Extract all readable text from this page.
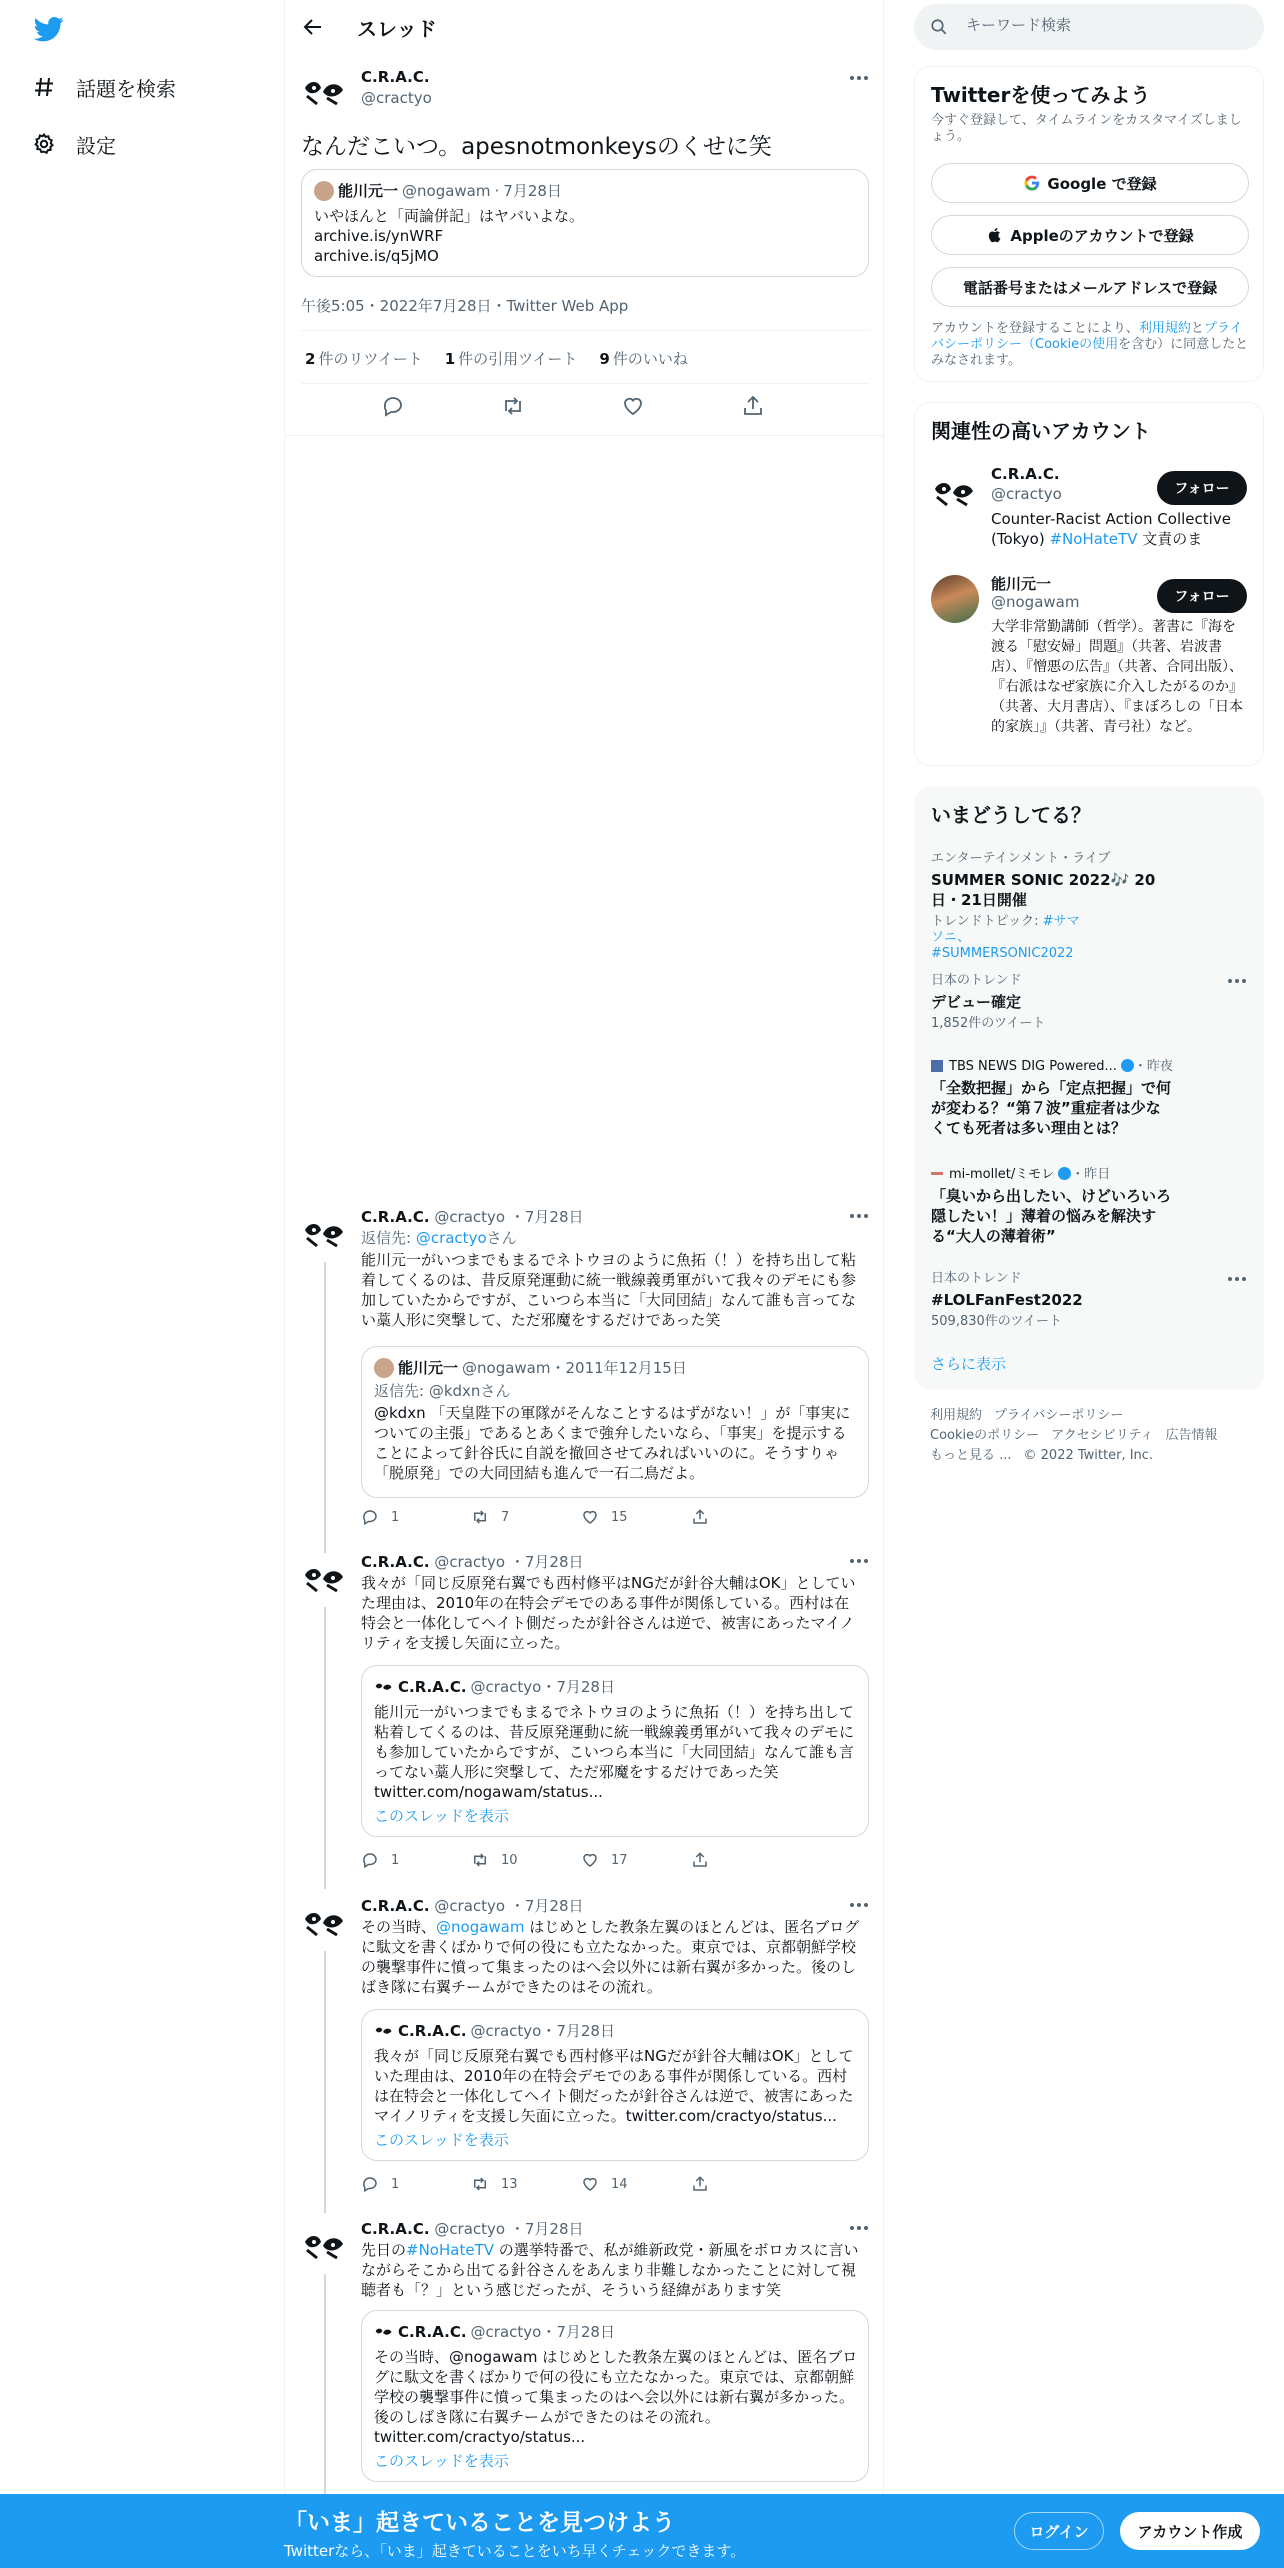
話題を検索
設定
スレッド
C.R.A.C.
@cractyo
なんだこいつ。apesnotmonkeysのくせに笑
能川元一 @nogawam · 7月28日
いやほんと「両論併記」はヤバいよな。
archive.is/ynWRF
archive.is/q5jMO
午後5:05・2022年7月28日・Twitter Web App
2 件のリツイート 1 件の引用ツイート 9 件のいいね
C.R.A.C. @cractyo ・7月28日
返信先: @cractyoさん
能川元一がいつまでもまるでネトウヨのように魚拓（！）を持ち出して粘着してくるのは、昔反原発運動に統一戦線義勇軍がいて我々のデモにも参加していたからですが、こいつら本当に「大同団結」なんて誰も言ってない藁人形に突撃して、ただ邪魔をするだけであった笑
能川元一 @nogawam ・2011年12月15日
返信先: @kdxnさん
@kdxn 「天皇陛下の軍隊がそんなことするはずがない！」が「事実についての主張」であるとあくまで強弁したいなら、「事実」を提示することによって針谷氏に自説を撤回させてみればいいのに。そうすりゃ「脱原発」での大同団結も進んで一石二鳥だよ。
1	7	15
C.R.A.C. @cractyo ・7月28日
我々が「同じ反原発右翼でも西村修平はNGだが針谷大輔はOK」としていた理由は、2010年の在特会デモでのある事件が関係している。西村は在特会と一体化してヘイト側だったが針谷さんは逆で、被害にあったマイノリティを支援し矢面に立った。
C.R.A.C. @cractyo ・7月28日
能川元一がいつまでもまるでネトウヨのように魚拓（！）を持ち出して粘着してくるのは、昔反原発運動に統一戦線義勇軍がいて我々のデモにも参加していたからですが、こいつら本当に「大同団結」なんて誰も言ってない藁人形に突撃して、ただ邪魔をするだけであった笑
twitter.com/nogawam/status...
このスレッドを表示
1	10	17
C.R.A.C. @cractyo ・7月28日
その当時、@nogawam はじめとした教条左翼のほとんどは、匿名ブログに駄文を書くばかりで何の役にも立たなかった。東京では、京都朝鮮学校の襲撃事件に憤って集まったのはへ会以外には新右翼が多かった。後のしばき隊に右翼チームができたのはその流れ。
C.R.A.C. @cractyo ・7月28日
我々が「同じ反原発右翼でも西村修平はNGだが針谷大輔はOK」としていた理由は、2010年の在特会デモでのある事件が関係している。西村は在特会と一体化してヘイト側だったが針谷さんは逆で、被害にあったマイノリティを支援し矢面に立った。twitter.com/cractyo/status...
このスレッドを表示
1	13	14
C.R.A.C. @cractyo ・7月28日
先日の#NoHateTV の選挙特番で、私が維新政党・新風をボロカスに言いながらそこから出てる針谷さんをあんまり非難しなかったことに対して視聴者も「？」という感じだったが、そういう経緯があります笑
C.R.A.C. @cractyo ・7月28日
その当時、@nogawam はじめとした教条左翼のほとんどは、匿名ブログに駄文を書くばかりで何の役にも立たなかった。東京では、京都朝鮮学校の襲撃事件に憤って集まったのはへ会以外には新右翼が多かった。後のしばき隊に右翼チームができたのはその流れ。twitter.com/cractyo/status...
このスレッドを表示
キーワード検索
Twitterを使ってみよう
今すぐ登録して、タイムラインをカスタマイズしましょう。
Google で登録
Appleのアカウントで登録
電話番号またはメールアドレスで登録
アカウントを登録することにより、利用規約とプライバシーポリシー（Cookieの使用を含む）に同意したとみなされます。
関連性の高いアカウント
C.R.A.C.
@cractyo
Counter-Racist Action Collective (Tokyo) #NoHateTV 文責のま
フォロー
能川元一
@nogawam
大学非常勤講師（哲学）。著書に『海を渡る「慰安婦」問題』（共著、岩波書店）、『憎悪の広告』（共著、合同出版）、『右派はなぜ家族に介入したがるのか』（共著、大月書店）、『まぼろしの「日本的家族」』（共著、青弓社）など。
フォロー
いまどうしてる？
エンターテインメント・ライブ
SUMMER SONIC 2022🎶 20日・21日開催
トレンドトピック: #サマソニ、#SUMMERSONIC2022
日本のトレンド
デビュー確定
1,852件のツイート
TBS NEWS DIG Powered... ・昨夜
「全数把握」から「定点把握」で何が変わる？“第７波”重症者は少なくても死者は多い理由とは？
mi-mollet/ミモレ ・昨日
「臭いから出したい、けどいろいろ隠したい！」薄着の悩みを解決する“大人の薄着術”
日本のトレンド
#LOLFanFest2022
509,830件のツイート
さらに表示
利用規約 プライバシーポリシー
Cookieのポリシー アクセシビリティ 広告情報
もっと見る ... © 2022 Twitter, Inc.
「いま」起きていることを見つけよう
Twitterなら、「いま」起きていることをいち早くチェックできます。
ログイン	アカウント作成
